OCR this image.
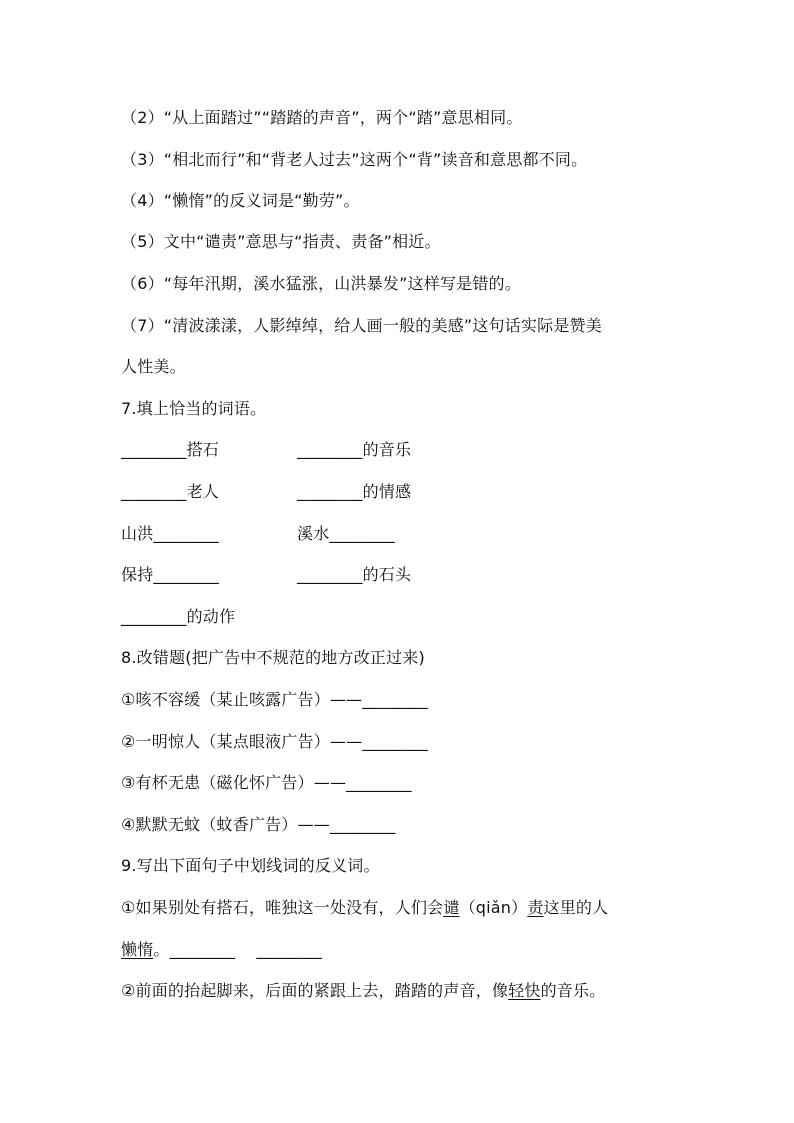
（2）“从上面踏过”“踏踏的声音”，两个“踏”意思相同。
（3）“相北而行”和“背老人过去”这两个“背”读音和意思都不同。
（4）“懒惰”的反义词是“勤劳”。
（5）文中“谴责”意思与“指责、责备”相近。
（6）“每年汛期，溪水猛涨，山洪暴发”这样写是错的。
（7）“清波漾漾，人影绰绰，给人画一般的美感”这句话实际是赞美
人性美。
7.填上恰当的词语。
________搭石	________的音乐
________老人	________的情感
山洪________	溪水________
保持________	________的石头
________的动作
8.改错题(把广告中不规范的地方改正过来)
①咳不容缓（某止咳露广告）——________
②一明惊人（某点眼液广告）——________
③有杯无患（磁化怀广告）——________
④默默无蚊（蚊香广告）——________
9.写出下面句子中划线词的反义词。
①如果别处有搭石，唯独这一处没有，人们会谴（qiǎn）责这里的人
懒惰。________    ________
②前面的抬起脚来，后面的紧跟上去，踏踏的声音，像轻快的音乐。
